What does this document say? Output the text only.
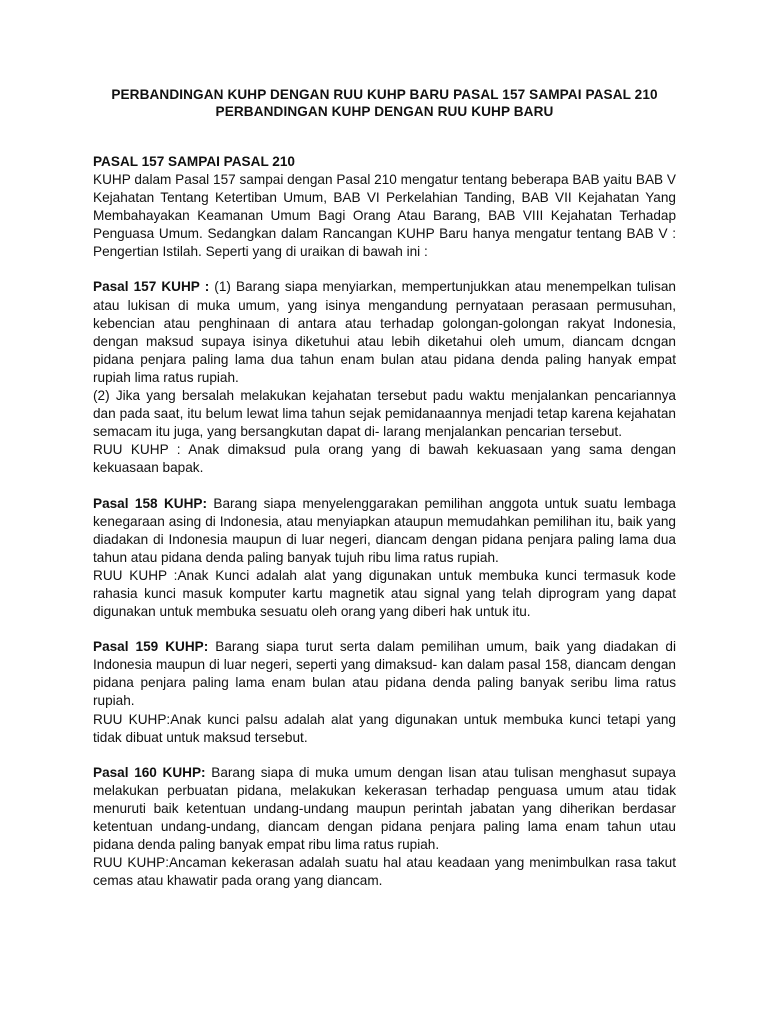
PERBANDINGAN KUHP DENGAN RUU KUHP BARU PASAL 157 SAMPAI PASAL 210
PERBANDINGAN KUHP DENGAN RUU KUHP BARU
PASAL 157 SAMPAI PASAL 210

KUHP dalam Pasal 157 sampai dengan Pasal 210 mengatur tentang beberapa BAB yaitu BAB V Kejahatan Tentang Ketertiban Umum, BAB VI Perkelahian Tanding, BAB VII Kejahatan Yang Membahayakan Keamanan Umum Bagi Orang Atau Barang, BAB VIII Kejahatan Terhadap Penguasa Umum. Sedangkan dalam Rancangan KUHP Baru hanya mengatur tentang BAB V : Pengertian Istilah. Seperti yang di uraikan di bawah ini :

Pasal 157 KUHP : (1) Barang siapa menyiarkan, mempertunjukkan atau menempelkan tulisan atau lukisan di muka umum, yang isinya mengandung pernyataan perasaan permusuhan, kebencian atau penghinaan di antara atau terhadap golongan-golongan rakyat Indonesia, dengan maksud supaya isinya diketuhui atau lebih diketahui oleh umum, diancam dcngan pidana penjara paling lama dua tahun enam bulan atau pidana denda paling hanyak empat rupiah lima ratus rupiah.

(2) Jika yang bersalah melakukan kejahatan tersebut padu waktu menjalankan pencariannya dan pada saat, itu belum lewat lima tahun sejak pemidanaannya menjadi tetap karena kejahatan semacam itu juga, yang bersangkutan dapat di- larang menjalankan pencarian tersebut.

RUU KUHP : Anak dimaksud pula orang yang di bawah kekuasaan yang sama dengan kekuasaan bapak.

Pasal 158 KUHP: Barang siapa menyelenggarakan pemilihan anggota untuk suatu lembaga kenegaraan asing di Indonesia, atau menyiapkan ataupun memudahkan pemilihan itu, baik yang diadakan di Indonesia maupun di luar negeri, diancam dengan pidana penjara paling lama dua tahun atau pidana denda paling banyak tujuh ribu lima ratus rupiah.

RUU KUHP :Anak Kunci adalah alat yang digunakan untuk membuka kunci termasuk kode rahasia kunci masuk komputer kartu magnetik atau signal yang telah diprogram yang dapat digunakan untuk membuka sesuatu oleh orang yang diberi hak untuk itu.

Pasal 159 KUHP: Barang siapa turut serta dalam pemilihan umum, baik yang diadakan di Indonesia maupun di luar negeri, seperti yang dimaksud- kan dalam pasal 158, diancam dengan pidana penjara paling lama enam bulan atau pidana denda paling banyak seribu lima ratus rupiah.

RUU KUHP:Anak kunci palsu adalah alat yang digunakan untuk membuka kunci tetapi yang tidak dibuat untuk maksud tersebut.

Pasal 160 KUHP: Barang siapa di muka umum dengan lisan atau tulisan menghasut supaya melakukan perbuatan pidana, melakukan kekerasan terhadap penguasa umum atau tidak menuruti baik ketentuan undang-undang maupun perintah jabatan yang diherikan berdasar ketentuan undang-undang, diancam dengan pidana penjara paling lama enam tahun utau pidana denda paling banyak empat ribu lima ratus rupiah.

RUU KUHP:Ancaman kekerasan adalah suatu hal atau keadaan yang menimbulkan rasa takut cemas atau khawatir pada orang yang diancam.
